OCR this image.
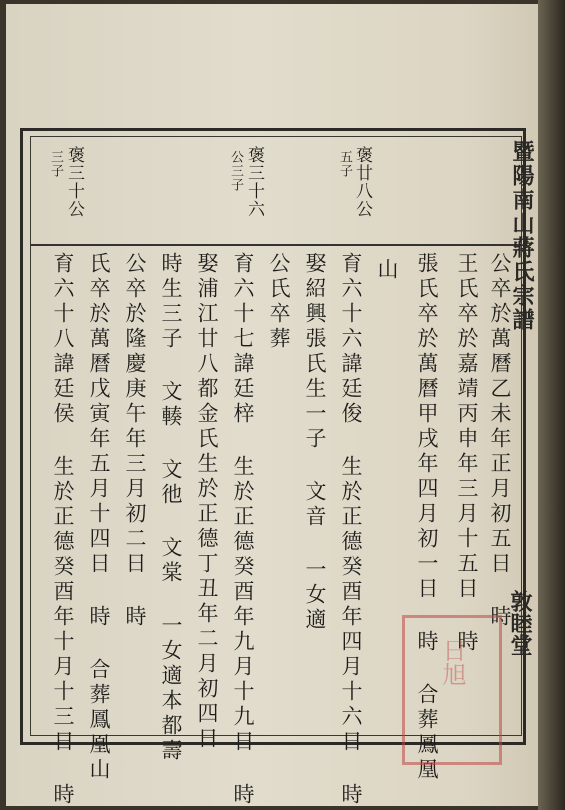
暨陽南山蔣氏宗譜
敦睦堂
褒廿八公
五子
褒三十六
公三子
褒三十公
三子
公卒於萬曆乙未年正月初五日 時
王氏卒於嘉靖丙申年三月十五日 時
張氏卒於萬曆甲戌年四月初一日 時 合葬鳳凰
山
育六十六諱廷俊 生於正德癸酉年四月十六日 時
娶紹興張氏生一子 文音 一女適
公氏卒葬
育六十七諱廷梓 生於正德癸酉年九月十九日 時
娶浦江廿八都金氏生於正德丁丑年二月初四日
時生三子 文輳 文彵 文棠 一女適本都壽
公卒於隆慶庚午年三月初二日 時
氏卒於萬曆戊寅年五月十四日 時 合葬鳳凰山
育六十八諱廷侯 生於正德癸酉年十月十三日 時	日旭
